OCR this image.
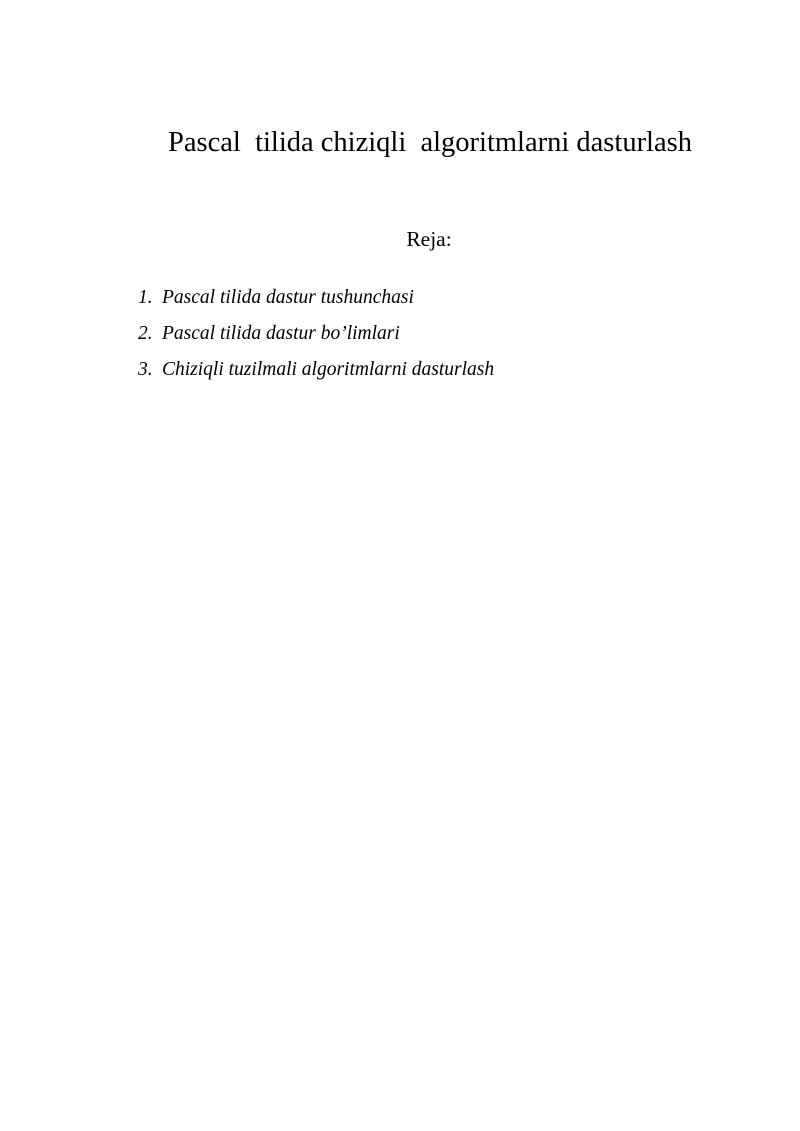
Pascal  tilida chiziqli  algoritmlarni dasturlash
Reja:
1. Pascal tilida dastur tushunchasi
2. Pascal tilida dastur bo’limlari
3. Chiziqli tuzilmali algoritmlarni dasturlash
